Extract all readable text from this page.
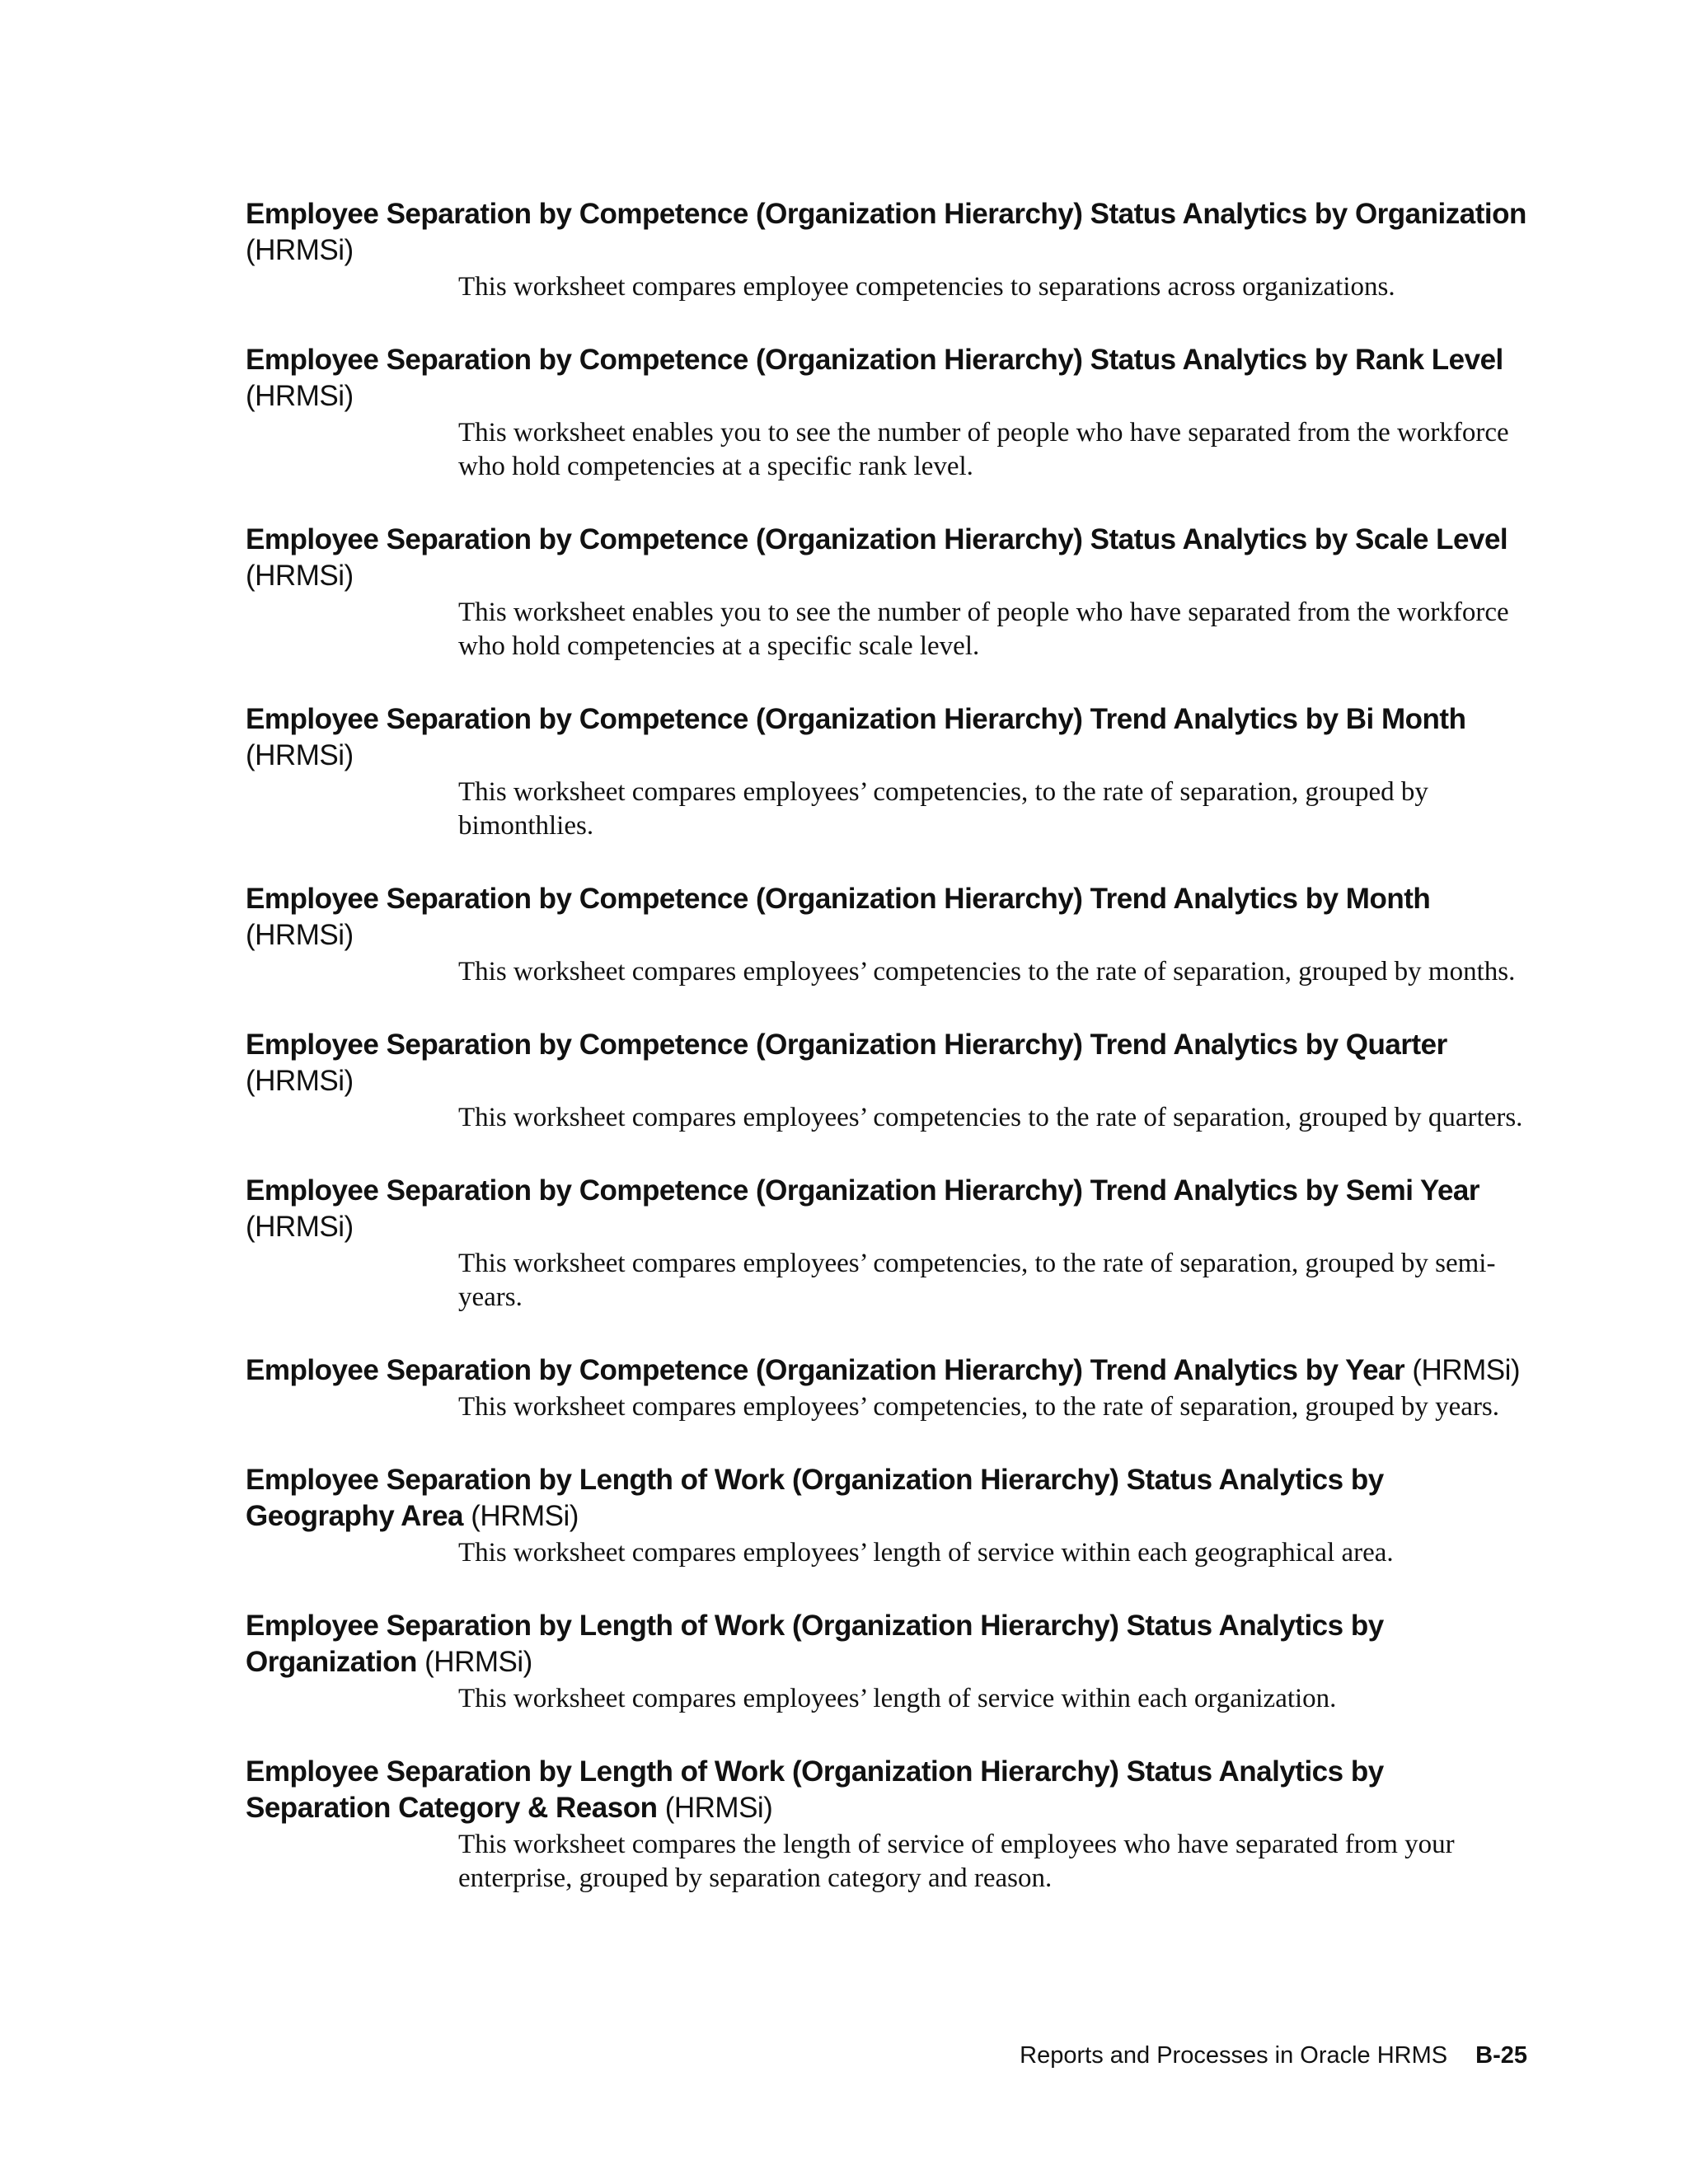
Employee Separation by Competence (Organization Hierarchy) Status Analytics by Organization (HRMSi)

This worksheet compares employee competencies to separations across organizations.

Employee Separation by Competence (Organization Hierarchy) Status Analytics by Rank Level (HRMSi)

This worksheet enables you to see the number of people who have separated from the workforce who hold competencies at a specific rank level.

Employee Separation by Competence (Organization Hierarchy) Status Analytics by Scale Level (HRMSi)

This worksheet enables you to see the number of people who have separated from the workforce who hold competencies at a specific scale level.

Employee Separation by Competence (Organization Hierarchy) Trend Analytics by Bi Month (HRMSi)

This worksheet compares employees’ competencies, to the rate of separation, grouped by bimonthlies.

Employee Separation by Competence (Organization Hierarchy) Trend Analytics by Month (HRMSi)

This worksheet compares employees’ competencies to the rate of separation, grouped by months.

Employee Separation by Competence (Organization Hierarchy) Trend Analytics by Quarter (HRMSi)

This worksheet compares employees’ competencies to the rate of separation, grouped by quarters.

Employee Separation by Competence (Organization Hierarchy) Trend Analytics by Semi Year (HRMSi)

This worksheet compares employees’ competencies, to the rate of separation, grouped by semi-years.

Employee Separation by Competence (Organization Hierarchy) Trend Analytics by Year (HRMSi)

This worksheet compares employees’ competencies, to the rate of separation, grouped by years.

Employee Separation by Length of Work (Organization Hierarchy) Status Analytics by Geography Area (HRMSi)

This worksheet compares employees’ length of service within each geographical area.

Employee Separation by Length of Work (Organization Hierarchy) Status Analytics by Organization (HRMSi)

This worksheet compares employees’ length of service within each organization.

Employee Separation by Length of Work (Organization Hierarchy) Status Analytics by Separation Category & Reason (HRMSi)

This worksheet compares the length of service of employees who have separated from your enterprise, grouped by separation category and reason.

Reports and Processes in Oracle HRMS B-25
